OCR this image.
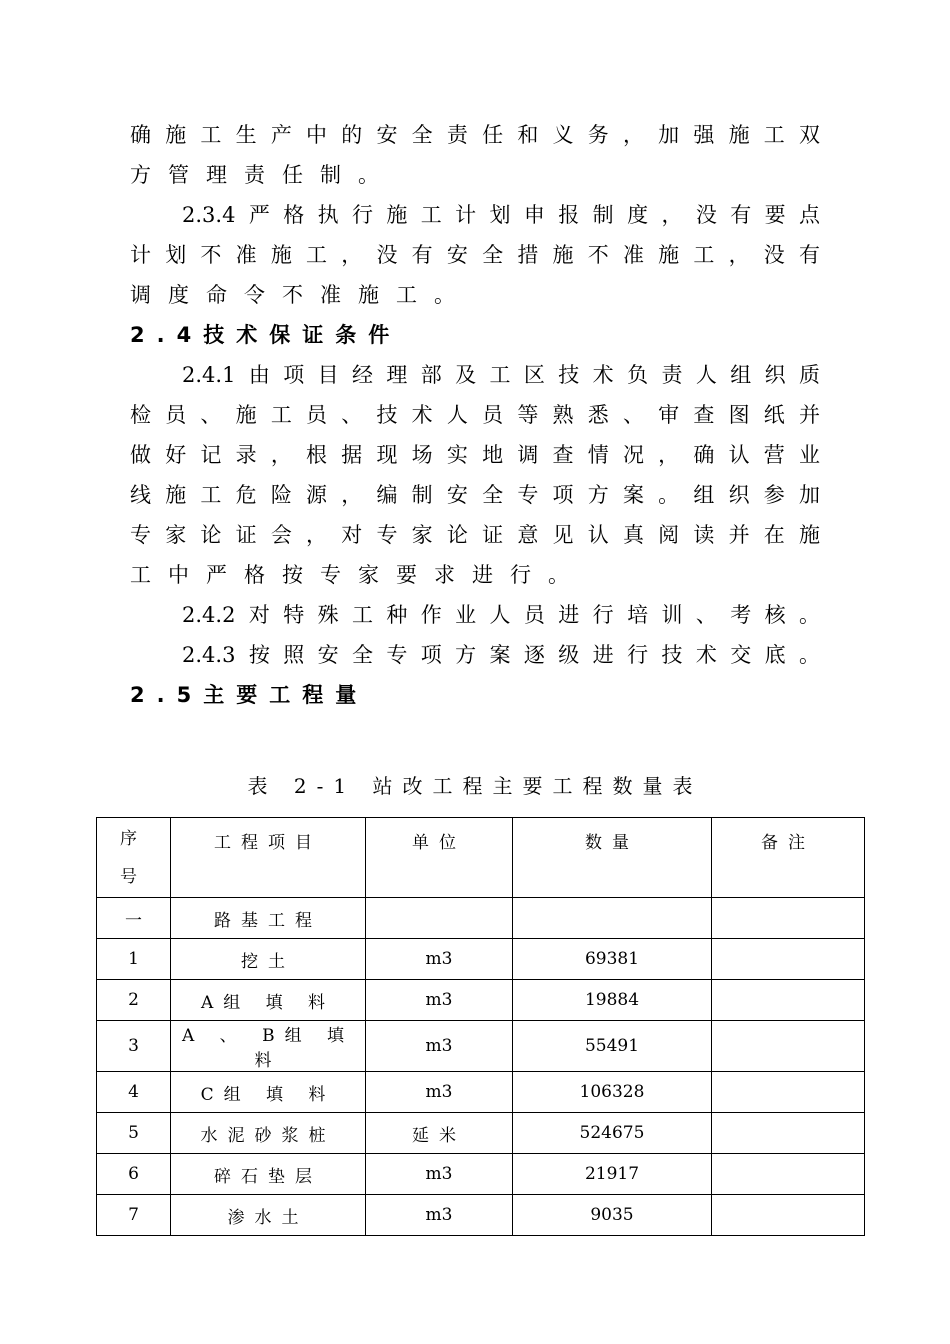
确施工生产中的安全责任和义务，加强施工双
方管理责任制。
2.3.4严格执行施工计划申报制度，没有要点
计划不准施工，没有安全措施不准施工，没有
调度命令不准施工。
2.4技术保证条件
2.4.1由项目经理部及工区技术负责人组织质
检员、施工员、技术人员等熟悉、审查图纸并
做好记录，根据现场实地调查情况，确认营业
线施工危险源，编制安全专项方案。组织参加
专家论证会，对专家论证意见认真阅读并在施
工中严格按专家要求进行。
2.4.2对特殊工种作业人员进行培训、考核。
2.4.3按照安全专项方案逐级进行技术交底。
2.5主要工程量
表 2-1 站改工程主要工程数量表
序
号	工程项目	单位	数量	备注
一	路基工程			
1	挖土	m3	69381	
2	A组 填 料	m3	19884	
3	A 、 B组 填 料	m3	55491	
4	C组 填 料	m3	106328	
5	水泥砂浆桩	延米	524675	
6	碎石垫层	m3	21917	
7	渗水土	m3	9035	
